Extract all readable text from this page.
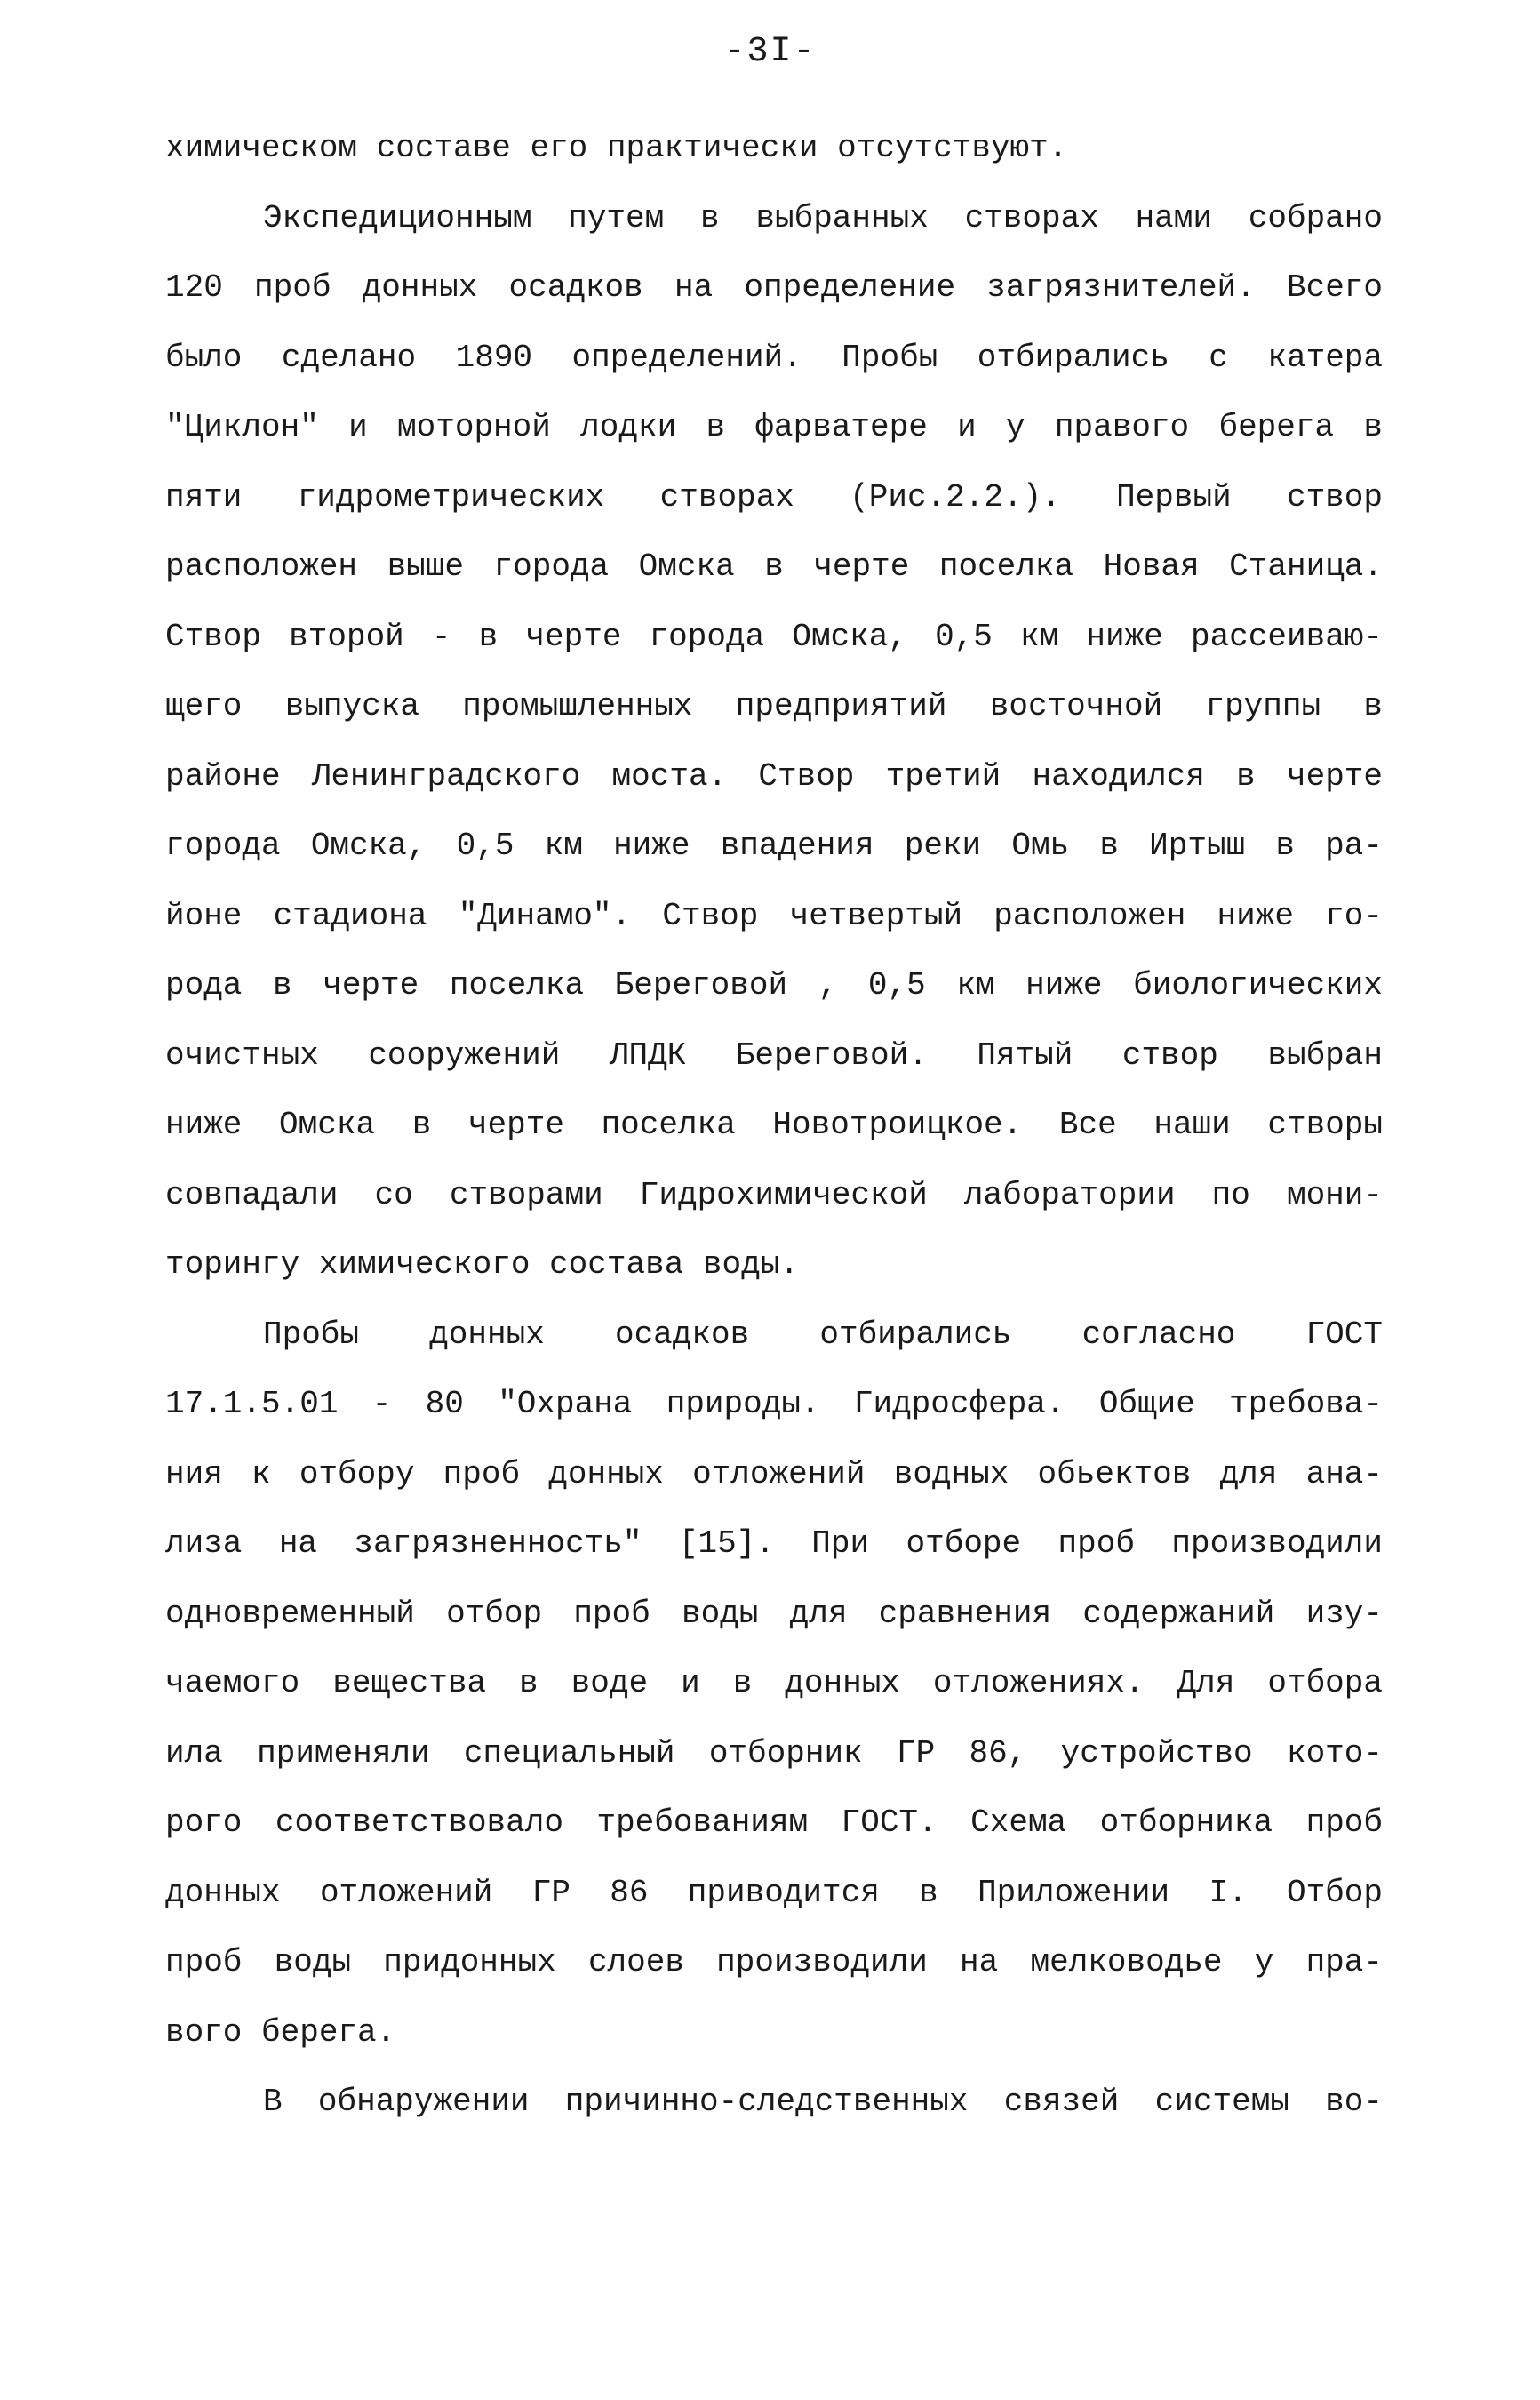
-3I-
химическом составе его практически отсутствуют.
Экспедиционным путем в выбранных створах нами собрано
120 проб донных осадков на определение загрязнителей. Всего
было сделано 1890 определений. Пробы отбирались с катера
"Циклон" и моторной лодки в фарватере и у правого берега в
пяти гидрометрических створах (Рис.2.2.). Первый створ
расположен выше города Омска в черте поселка Новая Станица.
Створ второй - в черте города Омска, 0,5 км ниже рассеиваю-
щего выпуска промышленных предприятий восточной группы в
районе Ленинградского моста. Створ третий находился в черте
города Омска, 0,5 км ниже впадения реки Омь в Иртыш в ра-
йоне стадиона "Динамо". Створ четвертый расположен ниже го-
рода в черте поселка Береговой , 0,5 км ниже биологических
очистных сооружений ЛПДК Береговой. Пятый створ выбран
ниже Омска в черте поселка Новотроицкое. Все наши створы
совпадали со створами Гидрохимической лаборатории по мони-
торингу химического состава воды.
Пробы донных осадков отбирались согласно ГОСТ
17.1.5.01 - 80 "Охрана природы. Гидросфера. Общие требова-
ния к отбору проб донных отложений водных обьектов для ана-
лиза на загрязненность" [15]. При отборе проб производили
одновременный отбор проб воды для сравнения содержаний изу-
чаемого вещества в воде и в донных отложениях. Для отбора
ила применяли специальный отборник ГР 86, устройство кото-
рого соответствовало требованиям ГОСТ. Схема отборника проб
донных отложений ГР 86 приводится в Приложении I. Отбор
проб воды придонных слоев производили на мелководье у пра-
вого берега.
В обнаружении причинно-следственных связей системы во-
